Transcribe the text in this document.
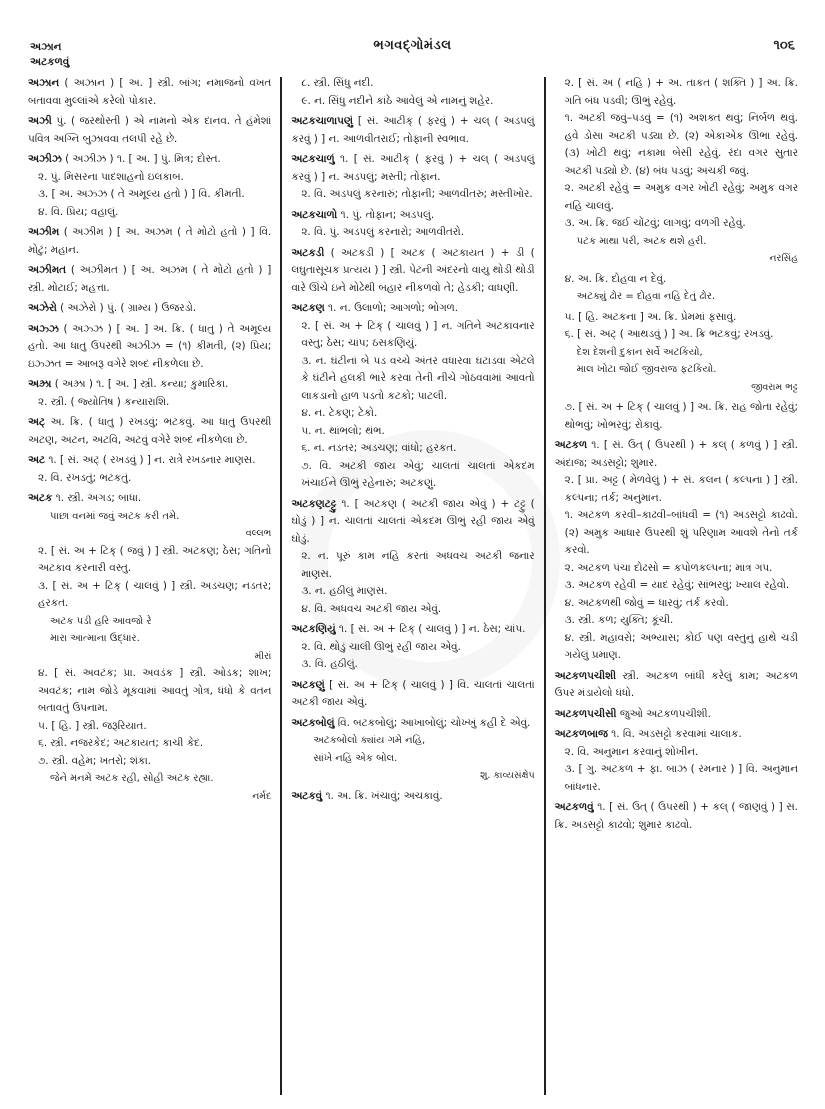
અઝાન
અટકળવું
ભગવદ્ગોમંડલ	૧૦૬
અઝાન ( અઝાન ) [ અ. ] સ્ત્રી. બાંગ; નમાજનો વખત બતાવવા મુલ્લાંએ કરેલો પોકાર.
અઝી પું. ( જરથોસ્તી ) એ નામનો એક દાનવ. તે હંમેશાં પવિત્ર અગ્નિ બુઝાવવા તલપી રહે છે.
અઝીઝ ( અઝીઝ ) ૧. [ અ. ] પું. મિત્ર; દોસ્ત.
૨. પું. મિસરના પાદશાહનો ઇલકાબ.
૩. [ અ. અઝ્ઝ ( તે અમૂલ્ય હતો ) ] વિ. કીમતી.
૪. વિ. પ્રિય; વહાલું.
અઝીમ ( અઝીમ ) [ અ. અઝમ ( તે મોટો હતો ) ] વિ. મોટું; મહાન.
અઝીમત ( અઝીમત ) [ અ. અઝમ ( તે મોટો હતો ) ] સ્ત્રી. મોટાઈ; મહત્તા.
અઝેરો ( અઝેરો ) પું. ( ગ્રામ્ય ) ઉજરડો.
અઝ્ઝ ( અઝ્ઝ ) [ અ. ] અ. ક્રિ. ( ધાતુ ) તે અમૂલ્ય હતો. આ ધાતુ ઉપરથી અઝીઝ = (૧) કીમતી, (૨) પ્રિય; ઇઝ્ઝત = આબરૂ વગેરે શબ્દ નીકળેલા છે.
અઝ્રા ( અઝ્રા ) ૧. [ અ. ] સ્ત્રી. કન્યા; કુમારિકા.
૨. સ્ત્રી. ( જ્યોતિષ ) કન્યારાશિ.
અટ્ અ. ક્રિ. ( ધાતુ ) રખડવું; ભટકવું. આ ધાતુ ઉપરથી અટણ, અટન, અટવિ, અટવું વગેરે શબ્દ નીકળેલા છે.
અટ ૧. [ સં. અટ્ ( રખડવું ) ] ન. રાત્રે રખડનાર માણસ.
૨. વિ. રખડતું; ભટકતું.
અટક ૧. સ્ત્રી. અગડ; બાધા.
પાછા વનમાં જવું અટક કરી તમે.
વલ્લભ
૨. [ સં. અ + ટિક્ ( જવું ) ] સ્ત્રી. અટકણ; ઠેસ; ગતિનો અટકાવ કરનારી વસ્તુ.
૩. [ સં. અ + ટિક્ ( ચાલવું ) ] સ્ત્રી. અડચણ; નડતર; હરકત.
અટક પડી હરિ આવજો રે
મારા આત્માના ઉદ્ધાર.
મીરાં
૪. [ સં. અવટંક; પ્રા. અવડંક ] સ્ત્રી. ઓડક; શાખ; અવટંક; નામ જોડે મૂકવામાં આવતું ગોત્ર, ધંધો કે વતન બતાવતું ઉપનામ.
૫. [ હિ. ] સ્ત્રી. જરૂરિયાત.
૬. સ્ત્રી. નજરકેદ; અટકાયત; કાચી કેદ.
૭. સ્ત્રી. વહેમ; ખતરો; શંકા.
જેને મનમેં અટક રહી, સોહી અટક રહ્યા.
નર્મદ
૮. સ્ત્રી. સિંધુ નદી.
૯. ન. સિંધુ નદીને કાંઠે આવેલું એ નામનું શહેર.
અટકચાળાપણું [ સં. આટીક્ ( ફરવું ) + ચલ્ ( અડપલું કરવું ) ] ન. આળવીતરાઈ; તોફાની સ્વભાવ.
અટકચાળું ૧. [ સં. આટીક્ ( ફરવું ) + ચલ્ ( અડપલું કરવું ) ] ન. અડપલું; મસ્તી; તોફાન.
૨. વિ. અડપલું કરનારું; તોફાની; આળવીતરું; મસ્તીખોર.
અટકચાળો ૧. પું. તોફાન; અડપલું.
૨. વિ. પું. અડપલું કરનારો; આળવીતરો.
અટકડી ( અટકડી ) [ અટક ( અટકાયત ) + ડી ( લઘુતાસૂચક પ્રત્યય ) ] સ્ત્રી. પેટની અંદરનો વાયુ થોડી થોડી વારે ઊંચે ઇને મોઢેથી બહાર નીકળવો તે; હેડકી; વાધણી.
અટકણ ૧. ન. ઉલાળો; આગળો; ભોગળ.
૨. [ સં. અ + ટિક્ ( ચાલવું ) ] ન. ગતિને અટકાવનાર વસ્તુ; ઠેસ; ચાંપ; ઠસકણિયું.
૩. ન. ઘંટીનાં બે પડ વચ્ચે અંતર વધારવા ઘટાડવા એટલે કે ઘંટીને હલકી ભારે કરવા તેની નીચે ગોઠવવામાં આવતો લાકડાનો હાળ પડતો કટકો; પાટલી.
૪. ન. ટેકણ; ટેકો.
૫. ન. થાંભલો; થંભ.
૬. ન. નડતર; અડચણ; વાંધો; હરકત.
૭. વિ. અટકી જાય એવું; ચાલતાં ચાલતાં એકદમ ખંચાઈને ઊભું રહેનારું; અટકણું.
અટકણટટ્ટુ ૧. [ અટકણ ( અટકી જાય એવું ) + ટટ્ટુ ( ઘોડું ) ] ન. ચાલતાં ચાલતાં એકદમ ઊભું રહી જાય એવું ઘોડું.
૨. ન. પૂરું કામ નહિ કરતાં અધવચ અટકી જનાર માણસ.
૩. ન. હઠીલું માણસ.
૪. વિ. અધવચ અટકી જાય એવું.
અટકણિયું ૧. [ સં. અ + ટિક્ ( ચાલવું ) ] ન. ઠેસ; ચાંપ.
૨. વિ. થોડું ચાલી ઊભું રહી જાય એવું.
૩. વિ. હઠીલું.
અટકણું [ સં. અ + ટિક્ ( ચાલવું ) ] વિ. ચાલતાં ચાલતાં અટકી જાય એવું.
અટકબોલું વિ. બટકબોલું; આખાબોલું; ચોખ્ખું કહી દે એવું.
અટકબોલો ક્યાંય ગમે નહિ,
સાંખે નહિ એક બોલ.
શુ. કાવ્યસંક્ષેપ
અટકવું ૧. અ. ક્રિ. ખંચાવું; અચકાવું.
૨. [ સં. અ ( નહિ ) + અ. તાકત ( શક્તિ ) ] અ. ક્રિ. ગતિ બંધ પડવી; ઊભું રહેવું.
૧. અટકી જવું–પડવું = (૧) અશક્ત થવું; નિર્બળ થવું. હવે ડોસા અટકી પડ્યા છે. (૨) એકાએક ઊભા રહેવું. (૩) ખોટી થવું; નકામા બેસી રહેવું. રંદા વગર સુતાર અટકી પડ્યો છે. (૪) બંધ પડવું; અચકી જવું.
૨. અટકી રહેવું = અમુક વગર ખોટી રહેવું; અમુક વગર નહિ ચાલવું.
૩. અ. ક્રિ. જઈ ચોંટવું; લાગવું; વળગી રહેવું.
પટક માથા પરી, અટક થશે હરી.
નરસિંહ
૪. અ. ક્રિ. દોહવા ન દેવું.
અટક્યું ઢોર = દોહવા નહિ દેતું ઢોર.
૫. [ હિ. અટકના ] અ. ક્રિ. પ્રેમમાં ફસાવું.
૬. [ સં. અટ્ ( આથડવું ) ] અ. ક્રિ ભટકવું; રખડવું.
દેશ દેશની દુકાન સર્વે અટકિયો,
માલ ખોટા જોઈ જીવરાજ ફટકિયો.
જીવરામ ભટ્ટ
૭. [ સં. અ + ટિક્ ( ચાલવું ) ] અ. ક્રિ. રાહ જોતા રહેવું; થોભવું; ખોભરવું; રોકાવું.
અટકળ ૧. [ સં. ઉત્ ( ઉપરથી ) + કલ્ ( કળવું ) ] સ્ત્રી. અંદાજ; અડસટ્ટો; શુમાર.
૨. [ પ્રા. અટ્ટ ( મેળવેલું ) + સં. કલન ( કલ્પના ) ] સ્ત્રી. કલ્પના; તર્ક; અનુમાન.
૧. અટકળ કરવી–કાઢવી–બાંધવી = (૧) અડસટ્ટો કાઢવો. (૨) અમુક આધાર ઉપરથી શું પરિણામ આવશે તેનો તર્ક કરવો.
૨. અટકળ પંચા દોઢસો = કપોળકલ્પના; માત્ર ગપ.
૩. અટકળ રહેવી = યાદ રહેવું; સાંભરવું; ખ્યાલ રહેવો.
૪. અટકળથી જોવું = ધારવું; તર્ક કરવો.
૩. સ્ત્રી. કળ; યુક્તિ; કૂંચી.
૪. સ્ત્રી. મહાવરો; અભ્યાસ; કોઈ પણ વસ્તુનું હાથે ચડી ગયેલું પ્રમાણ.
અટકળપચીશી સ્ત્રી. અટકળ બાંધી કરેલું કામ; અટકળ ઉપર મંડાયેલો ધંધો.
અટકળપચીસી જુઓ અટકળપચીશી.
અટકળબાજ ૧. વિ. અડસટ્ટો કરવામાં ચાલાક.
૨. વિ. અનુમાન કરવાનું શોખીન.
૩. [ ગુ. અટકળ + ફા. બાઝ ( રમનાર ) ] વિ. અનુમાન બાંધનાર.
અટકળવું ૧. [ સં. ઉત્ ( ઉપરથી ) + કલ્ ( જાણવું ) ] સ. ક્રિ. અડસટ્ટો કાઢવો; શુમાર કાઢવો.
